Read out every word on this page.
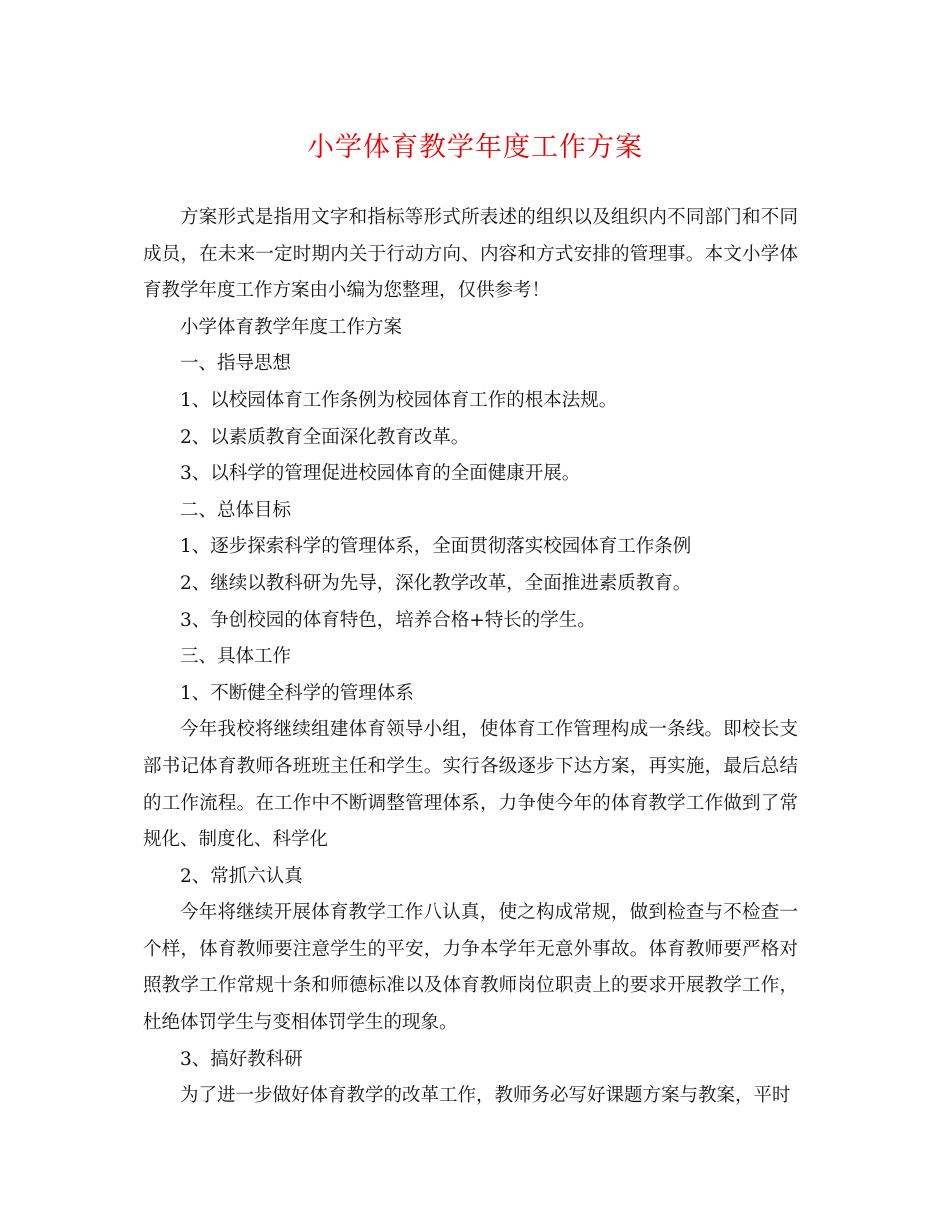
小学体育教学年度工作方案

方案形式是指用文字和指标等形式所表述的组织以及组织内不同部门和不同成员，在未来一定时期内关于行动方向、内容和方式安排的管理事。本文小学体育教学年度工作方案由小编为您整理，仅供参考！

小学体育教学年度工作方案

一、指导思想

1、以校园体育工作条例为校园体育工作的根本法规。

2、以素质教育全面深化教育改革。

3、以科学的管理促进校园体育的全面健康开展。

二、总体目标

1、逐步探索科学的管理体系，全面贯彻落实校园体育工作条例

2、继续以教科研为先导，深化教学改革，全面推进素质教育。

3、争创校园的体育特色，培养合格+特长的学生。

三、具体工作

1、不断健全科学的管理体系

今年我校将继续组建体育领导小组，使体育工作管理构成一条线。即校长支部书记体育教师各班班主任和学生。实行各级逐步下达方案，再实施，最后总结的工作流程。在工作中不断调整管理体系，力争使今年的体育教学工作做到了常规化、制度化、科学化

2、常抓六认真

今年将继续开展体育教学工作八认真，使之构成常规，做到检查与不检查一个样，体育教师要注意学生的平安，力争本学年无意外事故。体育教师要严格对照教学工作常规十条和师德标准以及体育教师岗位职责上的要求开展教学工作，杜绝体罚学生与变相体罚学生的现象。

3、搞好教科研

为了进一步做好体育教学的改革工作，教师务必写好课题方案与教案，平时
